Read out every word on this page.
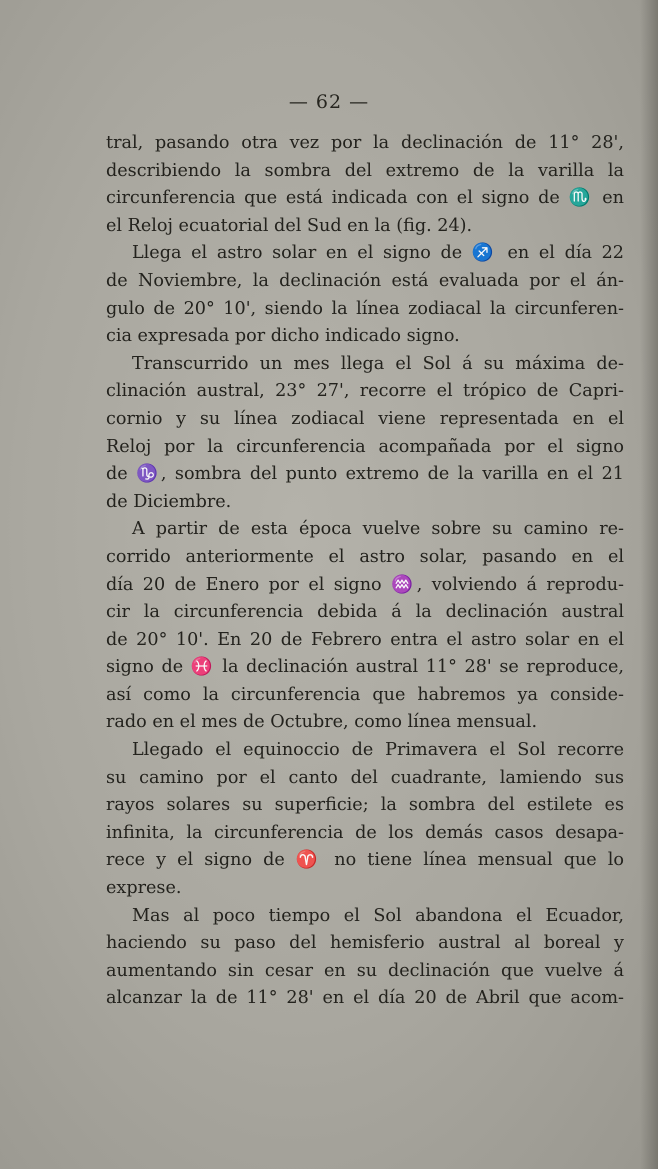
— 62 —
tral, pasando otra vez por la declinación de 11° 28',
describiendo la sombra del extremo de la varilla la
circunferencia que está indicada con el signo de ♏ en
el Reloj ecuatorial del Sud en la (fig. 24).
Llega el astro solar en el signo de ♐ en el día 22
de Noviembre, la declinación está evaluada por el án-
gulo de 20° 10', siendo la línea zodiacal la circunferen-
cia expresada por dicho indicado signo.
Transcurrido un mes llega el Sol á su máxima de-
clinación austral, 23° 27', recorre el trópico de Capri-
cornio y su línea zodiacal viene representada en el
Reloj por la circunferencia acompañada por el signo
de ♑, sombra del punto extremo de la varilla en el 21
de Diciembre.
A partir de esta época vuelve sobre su camino re-
corrido anteriormente el astro solar, pasando en el
día 20 de Enero por el signo ♒, volviendo á reprodu-
cir la circunferencia debida á la declinación austral
de 20° 10'. En 20 de Febrero entra el astro solar en el
signo de ♓ la declinación austral 11° 28' se reproduce,
así como la circunferencia que habremos ya conside-
rado en el mes de Octubre, como línea mensual.
Llegado el equinoccio de Primavera el Sol recorre
su camino por el canto del cuadrante, lamiendo sus
rayos solares su superficie; la sombra del estilete es
infinita, la circunferencia de los demás casos desapa-
rece y el signo de ♈ no tiene línea mensual que lo
exprese.
Mas al poco tiempo el Sol abandona el Ecuador,
haciendo su paso del hemisferio austral al boreal y
aumentando sin cesar en su declinación que vuelve á
alcanzar la de 11° 28' en el día 20 de Abril que acom-
